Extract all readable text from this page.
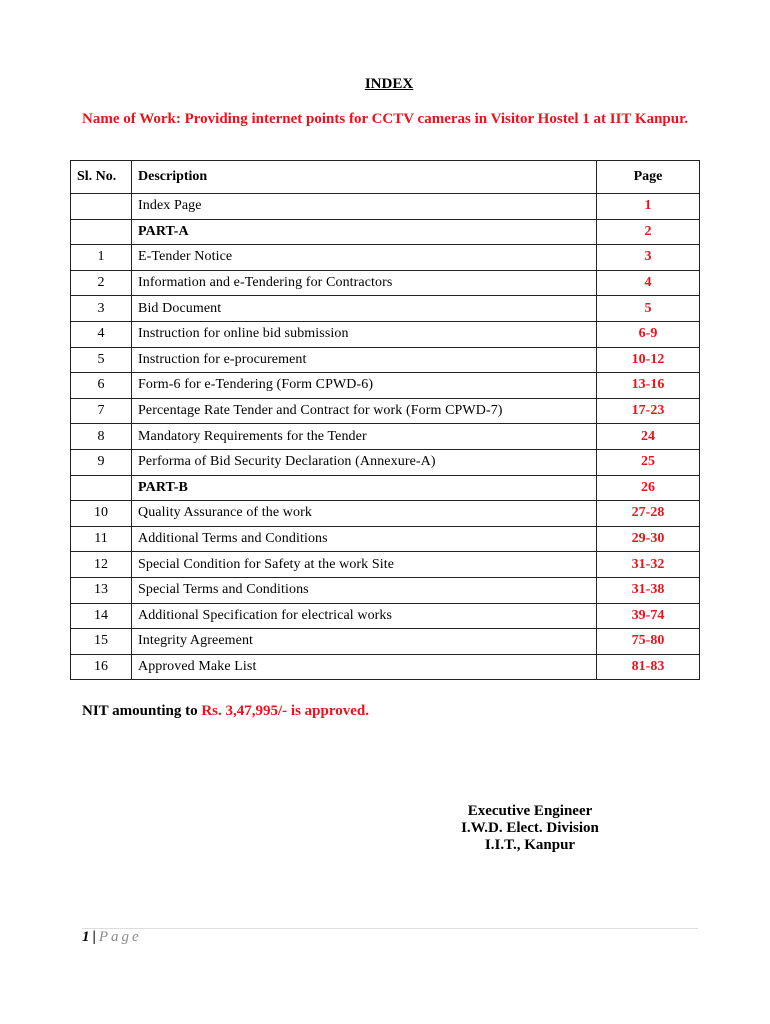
INDEX
Name of Work: Providing internet points for CCTV cameras in Visitor Hostel 1 at IIT Kanpur.
Sl. No.	Description	Page
	Index Page	1
	PART-A	2
1	E-Tender Notice	3
2	Information and e-Tendering for Contractors	4
3	Bid Document	5
4	Instruction for online bid submission	6-9
5	Instruction for e-procurement	10-12
6	Form-6 for e-Tendering (Form CPWD-6)	13-16
7	Percentage Rate Tender and Contract for work (Form CPWD-7)	17-23
8	Mandatory Requirements for the Tender	24
9	Performa of Bid Security Declaration (Annexure-A)	25
	PART-B	26
10	Quality Assurance of the work	27-28
11	Additional Terms and Conditions	29-30
12	Special Condition for Safety at the work Site	31-32
13	Special Terms and Conditions	31-38
14	Additional Specification for electrical works	39-74
15	Integrity Agreement	75-80
16	Approved Make List	81-83
NIT amounting to Rs. 3,47,995/- is approved.
Executive Engineer
I.W.D. Elect. Division
I.I.T., Kanpur
1 | Page
